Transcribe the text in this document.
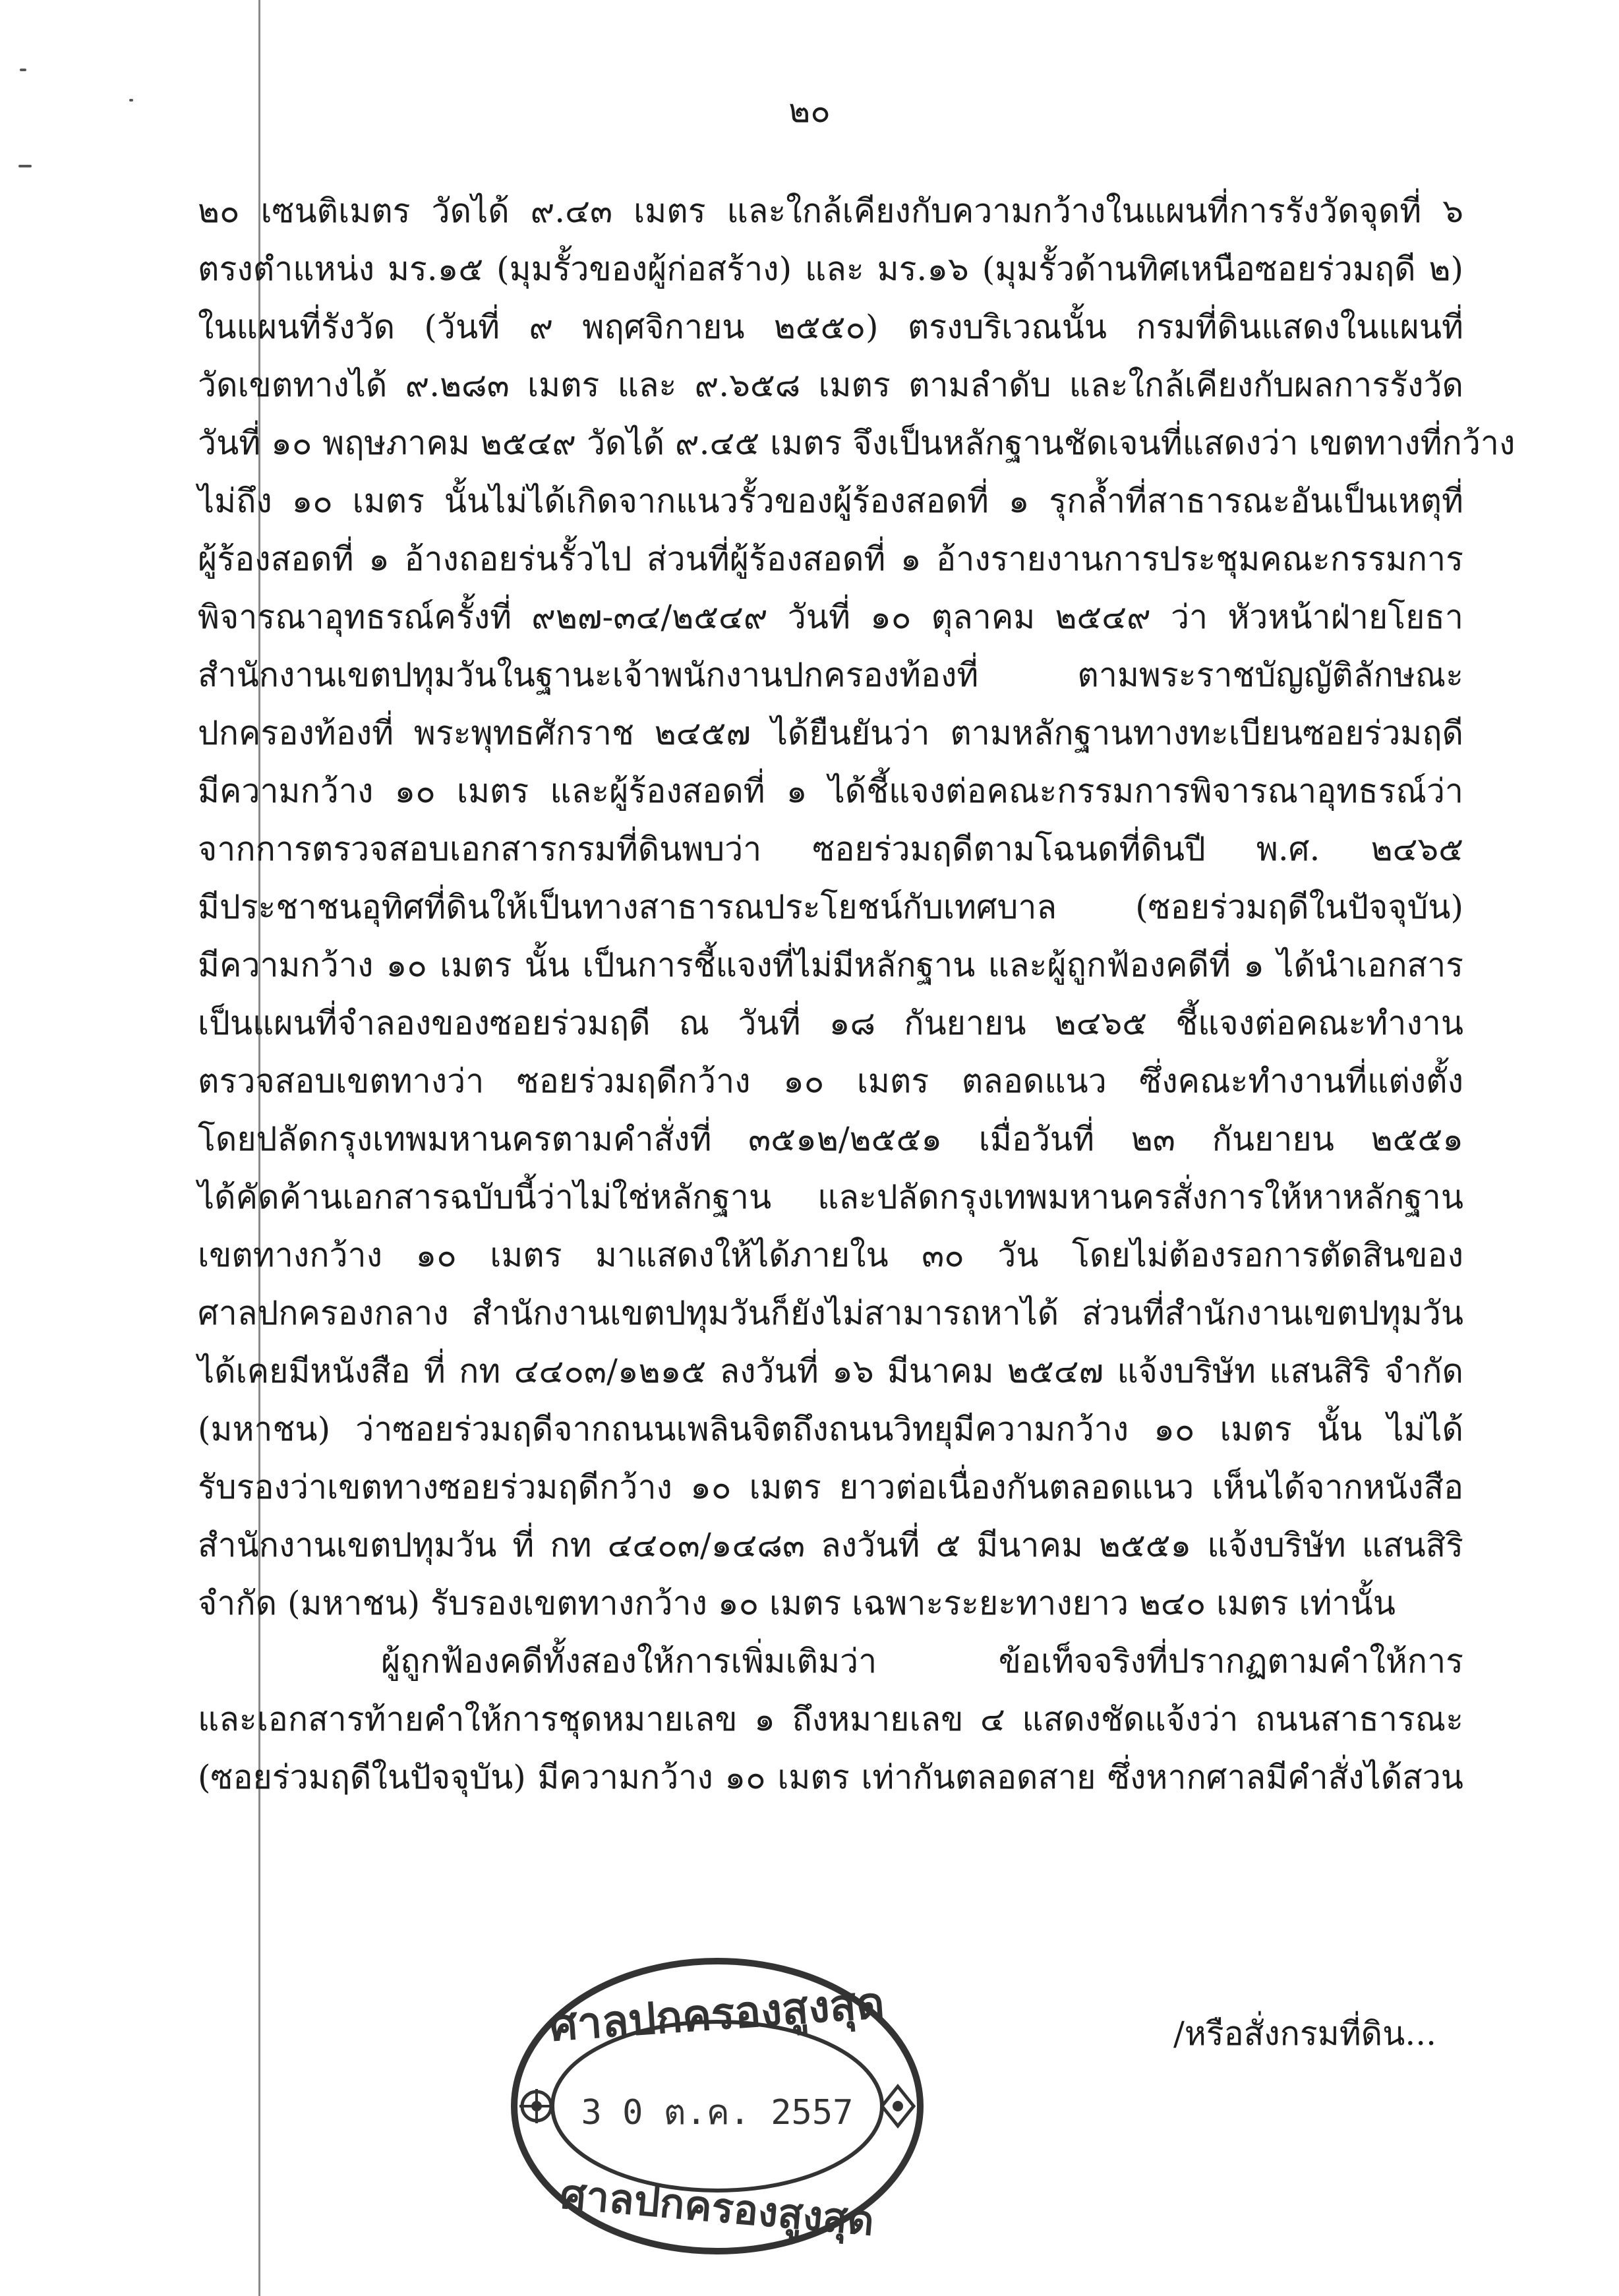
๒๐
๒๐ เซนติเมตร วัดได้ ๙.๔๓ เมตร และใกล้เคียงกับความกว้างในแผนที่การรังวัดจุดที่ ๖
ตรงตำแหน่ง มร.๑๕ (มุมรั้วของผู้ก่อสร้าง) และ มร.๑๖ (มุมรั้วด้านทิศเหนือซอยร่วมฤดี ๒)
ในแผนที่รังวัด (วันที่ ๙ พฤศจิกายน ๒๕๕๐) ตรงบริเวณนั้น กรมที่ดินแสดงในแผนที่
วัดเขตทางได้ ๙.๒๘๓ เมตร และ ๙.๖๕๘ เมตร ตามลำดับ และใกล้เคียงกับผลการรังวัด
วันที่ ๑๐ พฤษภาคม ๒๕๔๙ วัดได้ ๙.๔๕ เมตร จึงเป็นหลักฐานชัดเจนที่แสดงว่า เขตทางที่กว้าง
ไม่ถึง ๑๐ เมตร นั้นไม่ได้เกิดจากแนวรั้วของผู้ร้องสอดที่ ๑ รุกล้ำที่สาธารณะอันเป็นเหตุที่
ผู้ร้องสอดที่ ๑ อ้างถอยร่นรั้วไป ส่วนที่ผู้ร้องสอดที่ ๑ อ้างรายงานการประชุมคณะกรรมการ
พิจารณาอุทธรณ์ครั้งที่ ๙๒๗-๓๔/๒๕๔๙ วันที่ ๑๐ ตุลาคม ๒๕๔๙ ว่า หัวหน้าฝ่ายโยธา
สำนักงานเขตปทุมวันในฐานะเจ้าพนักงานปกครองท้องที่ ตามพระราชบัญญัติลักษณะ
ปกครองท้องที่ พระพุทธศักราช ๒๔๕๗ ได้ยืนยันว่า ตามหลักฐานทางทะเบียนซอยร่วมฤดี
มีความกว้าง ๑๐ เมตร และผู้ร้องสอดที่ ๑ ได้ชี้แจงต่อคณะกรรมการพิจารณาอุทธรณ์ว่า
จากการตรวจสอบเอกสารกรมที่ดินพบว่า ซอยร่วมฤดีตามโฉนดที่ดินปี พ.ศ. ๒๔๖๕
มีประชาชนอุทิศที่ดินให้เป็นทางสาธารณประโยชน์กับเทศบาล (ซอยร่วมฤดีในปัจจุบัน)
มีความกว้าง ๑๐ เมตร นั้น เป็นการชี้แจงที่ไม่มีหลักฐาน และผู้ถูกฟ้องคดีที่ ๑ ได้นำเอกสาร
เป็นแผนที่จำลองของซอยร่วมฤดี ณ วันที่ ๑๘ กันยายน ๒๔๖๕ ชี้แจงต่อคณะทำงาน
ตรวจสอบเขตทางว่า ซอยร่วมฤดีกว้าง ๑๐ เมตร ตลอดแนว ซึ่งคณะทำงานที่แต่งตั้ง
โดยปลัดกรุงเทพมหานครตามคำสั่งที่ ๓๕๑๒/๒๕๕๑ เมื่อวันที่ ๒๓ กันยายน ๒๕๕๑
ได้คัดค้านเอกสารฉบับนี้ว่าไม่ใช่หลักฐาน และปลัดกรุงเทพมหานครสั่งการให้หาหลักฐาน
เขตทางกว้าง ๑๐ เมตร มาแสดงให้ได้ภายใน ๓๐ วัน โดยไม่ต้องรอการตัดสินของ
ศาลปกครองกลาง สำนักงานเขตปทุมวันก็ยังไม่สามารถหาได้ ส่วนที่สำนักงานเขตปทุมวัน
ได้เคยมีหนังสือ ที่ กท ๔๔๐๓/๑๒๑๕ ลงวันที่ ๑๖ มีนาคม ๒๕๔๗ แจ้งบริษัท แสนสิริ จำกัด
(มหาชน) ว่าซอยร่วมฤดีจากถนนเพลินจิตถึงถนนวิทยุมีความกว้าง ๑๐ เมตร นั้น ไม่ได้
รับรองว่าเขตทางซอยร่วมฤดีกว้าง ๑๐ เมตร ยาวต่อเนื่องกันตลอดแนว เห็นได้จากหนังสือ
สำนักงานเขตปทุมวัน ที่ กท ๔๔๐๓/๑๔๘๓ ลงวันที่ ๕ มีนาคม ๒๕๕๑ แจ้งบริษัท แสนสิริ
จำกัด (มหาชน) รับรองเขตทางกว้าง ๑๐ เมตร เฉพาะระยะทางยาว ๒๔๐ เมตร เท่านั้น
ผู้ถูกฟ้องคดีทั้งสองให้การเพิ่มเติมว่า ข้อเท็จจริงที่ปรากฏตามคำให้การ
และเอกสารท้ายคำให้การชุดหมายเลข ๑ ถึงหมายเลข ๔ แสดงชัดแจ้งว่า ถนนสาธารณะ
(ซอยร่วมฤดีในปัจจุบัน) มีความกว้าง ๑๐ เมตร เท่ากันตลอดสาย ซึ่งหากศาลมีคำสั่งได้สวน
ศาลปกครองสูงสุด
3 0 ต.ค. 2557
ศาลปกครองสูงสุด
/หรือสั่งกรมที่ดิน...
